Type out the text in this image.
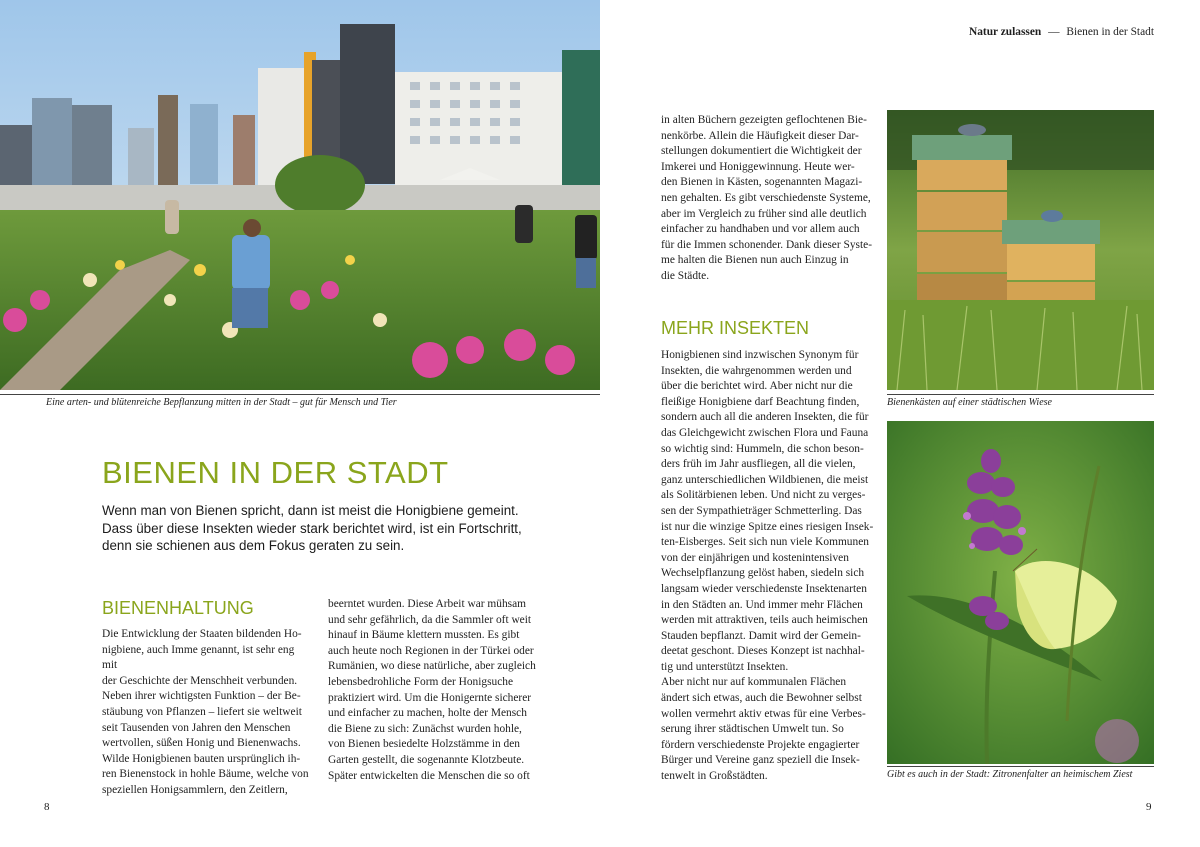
Eine arten- und blütenreiche Bepflanzung mitten in der Stadt – gut für Mensch und Tier
BIENEN IN DER STADT
Wenn man von Bienen spricht, dann ist meist die Honigbiene gemeint.
Dass über diese Insekten wieder stark berichtet wird, ist ein Fortschritt,
denn sie schienen aus dem Fokus geraten zu sein.
BIENENHALTUNG
Die Entwicklung der Staaten bildenden Ho-
nigbiene, auch Imme genannt, ist sehr eng mit
der Geschichte der Menschheit verbunden.
Neben ihrer wichtigsten Funktion – der Be-
stäubung von Pflanzen – liefert sie weltweit
seit Tausenden von Jahren den Menschen
wertvollen, süßen Honig und Bienenwachs.
Wilde Honigbienen bauten ursprünglich ih-
ren Bienenstock in hohle Bäume, welche von
speziellen Honigsammlern, den Zeitlern,
beerntet wurden. Diese Arbeit war mühsam
und sehr gefährlich, da die Sammler oft weit
hinauf in Bäume klettern mussten. Es gibt
auch heute noch Regionen in der Türkei oder
Rumänien, wo diese natürliche, aber zugleich
lebensbedrohliche Form der Honigsuche
praktiziert wird. Um die Honigernte sicherer
und einfacher zu machen, holte der Mensch
die Biene zu sich: Zunächst wurden hohle,
von Bienen besiedelte Holzstämme in den
Garten gestellt, die sogenannte Klotzbeute.
Später entwickelten die Menschen die so oft
8
Natur zulassen — Bienen in der Stadt
in alten Büchern gezeigten geflochtenen Bie-
nenkörbe. Allein die Häufigkeit dieser Dar-
stellungen dokumentiert die Wichtigkeit der
Imkerei und Honiggewinnung. Heute wer-
den Bienen in Kästen, sogenannten Magazi-
nen gehalten. Es gibt verschiedenste Systeme,
aber im Vergleich zu früher sind alle deutlich
einfacher zu handhaben und vor allem auch
für die Immen schonender. Dank dieser Syste-
me halten die Bienen nun auch Einzug in
die Städte.
MEHR INSEKTEN
Honigbienen sind inzwischen Synonym für
Insekten, die wahrgenommen werden und
über die berichtet wird. Aber nicht nur die
fleißige Honigbiene darf Beachtung finden,
sondern auch all die anderen Insekten, die für
das Gleichgewicht zwischen Flora und Fauna
so wichtig sind: Hummeln, die schon beson-
ders früh im Jahr ausfliegen, all die vielen,
ganz unterschiedlichen Wildbienen, die meist
als Solitärbienen leben. Und nicht zu verges-
sen der Sympathieträger Schmetterling. Das
ist nur die winzige Spitze eines riesigen Insek-
ten-Eisberges. Seit sich nun viele Kommunen
von der einjährigen und kostenintensiven
Wechselpflanzung gelöst haben, siedeln sich
langsam wieder verschiedenste Insektenarten
in den Städten an. Und immer mehr Flächen
werden mit attraktiven, teils auch heimischen
Stauden bepflanzt. Damit wird der Gemein-
deetat geschont. Dieses Konzept ist nachhal-
tig und unterstützt Insekten.
Aber nicht nur auf kommunalen Flächen
ändert sich etwas, auch die Bewohner selbst
wollen vermehrt aktiv etwas für eine Verbes-
serung ihrer städtischen Umwelt tun. So
fördern verschiedenste Projekte engagierter
Bürger und Vereine ganz speziell die Insek-
tenwelt in Großstädten.
Bienenkästen auf einer städtischen Wiese
Gibt es auch in der Stadt: Zitronenfalter an heimischem Ziest
9
